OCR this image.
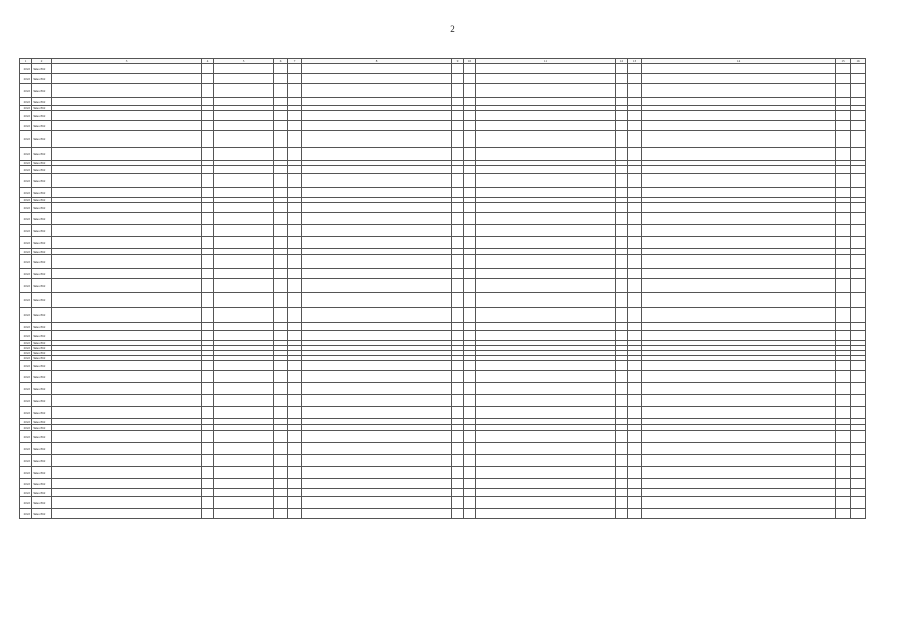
2
1	2	3	4	5	6	7	8	9	10	11	12	13	14	15	16
2022	Зима 862														
2022	Зима 862														
2022	Зима 862														
2022	Зима 862														
2022	Зима 862														
2022	Зима 862														
2022	Зима 862														
2022	Зима 862														
2022	Зима 862														
2022	Зима 862														
2022	Зима 862														
2022	Зима 862														
2022	Зима 862														
2022	Зима 862														
2022	Зима 862														
2022	Зима 862														
2022	Зима 862														
2022	Зима 862														
2022	Зима 862														
2022	Зима 862														
2022	Зима 862														
2022	Зима 862														
2022	Зима 862														
2022	Зима 862														
2022	Зима 862														
2022	Зима 862														
2022	Зима 862														
2022	Зима 862														
2022	Зима 862														
2022	Зима 862														
2022	Зима 862														
2022	Зима 862														
2022	Зима 862														
2022	Зима 862														
2022	Зима 862														
2022	Зима 862														
2022	Зима 862														
2022	Зима 862														
2022	Зима 862														
2022	Зима 862														
2022	Зима 862														
2022	Зима 862														
2022	Зима 862														
2022	Зима 862														
2022	Зима 862														
